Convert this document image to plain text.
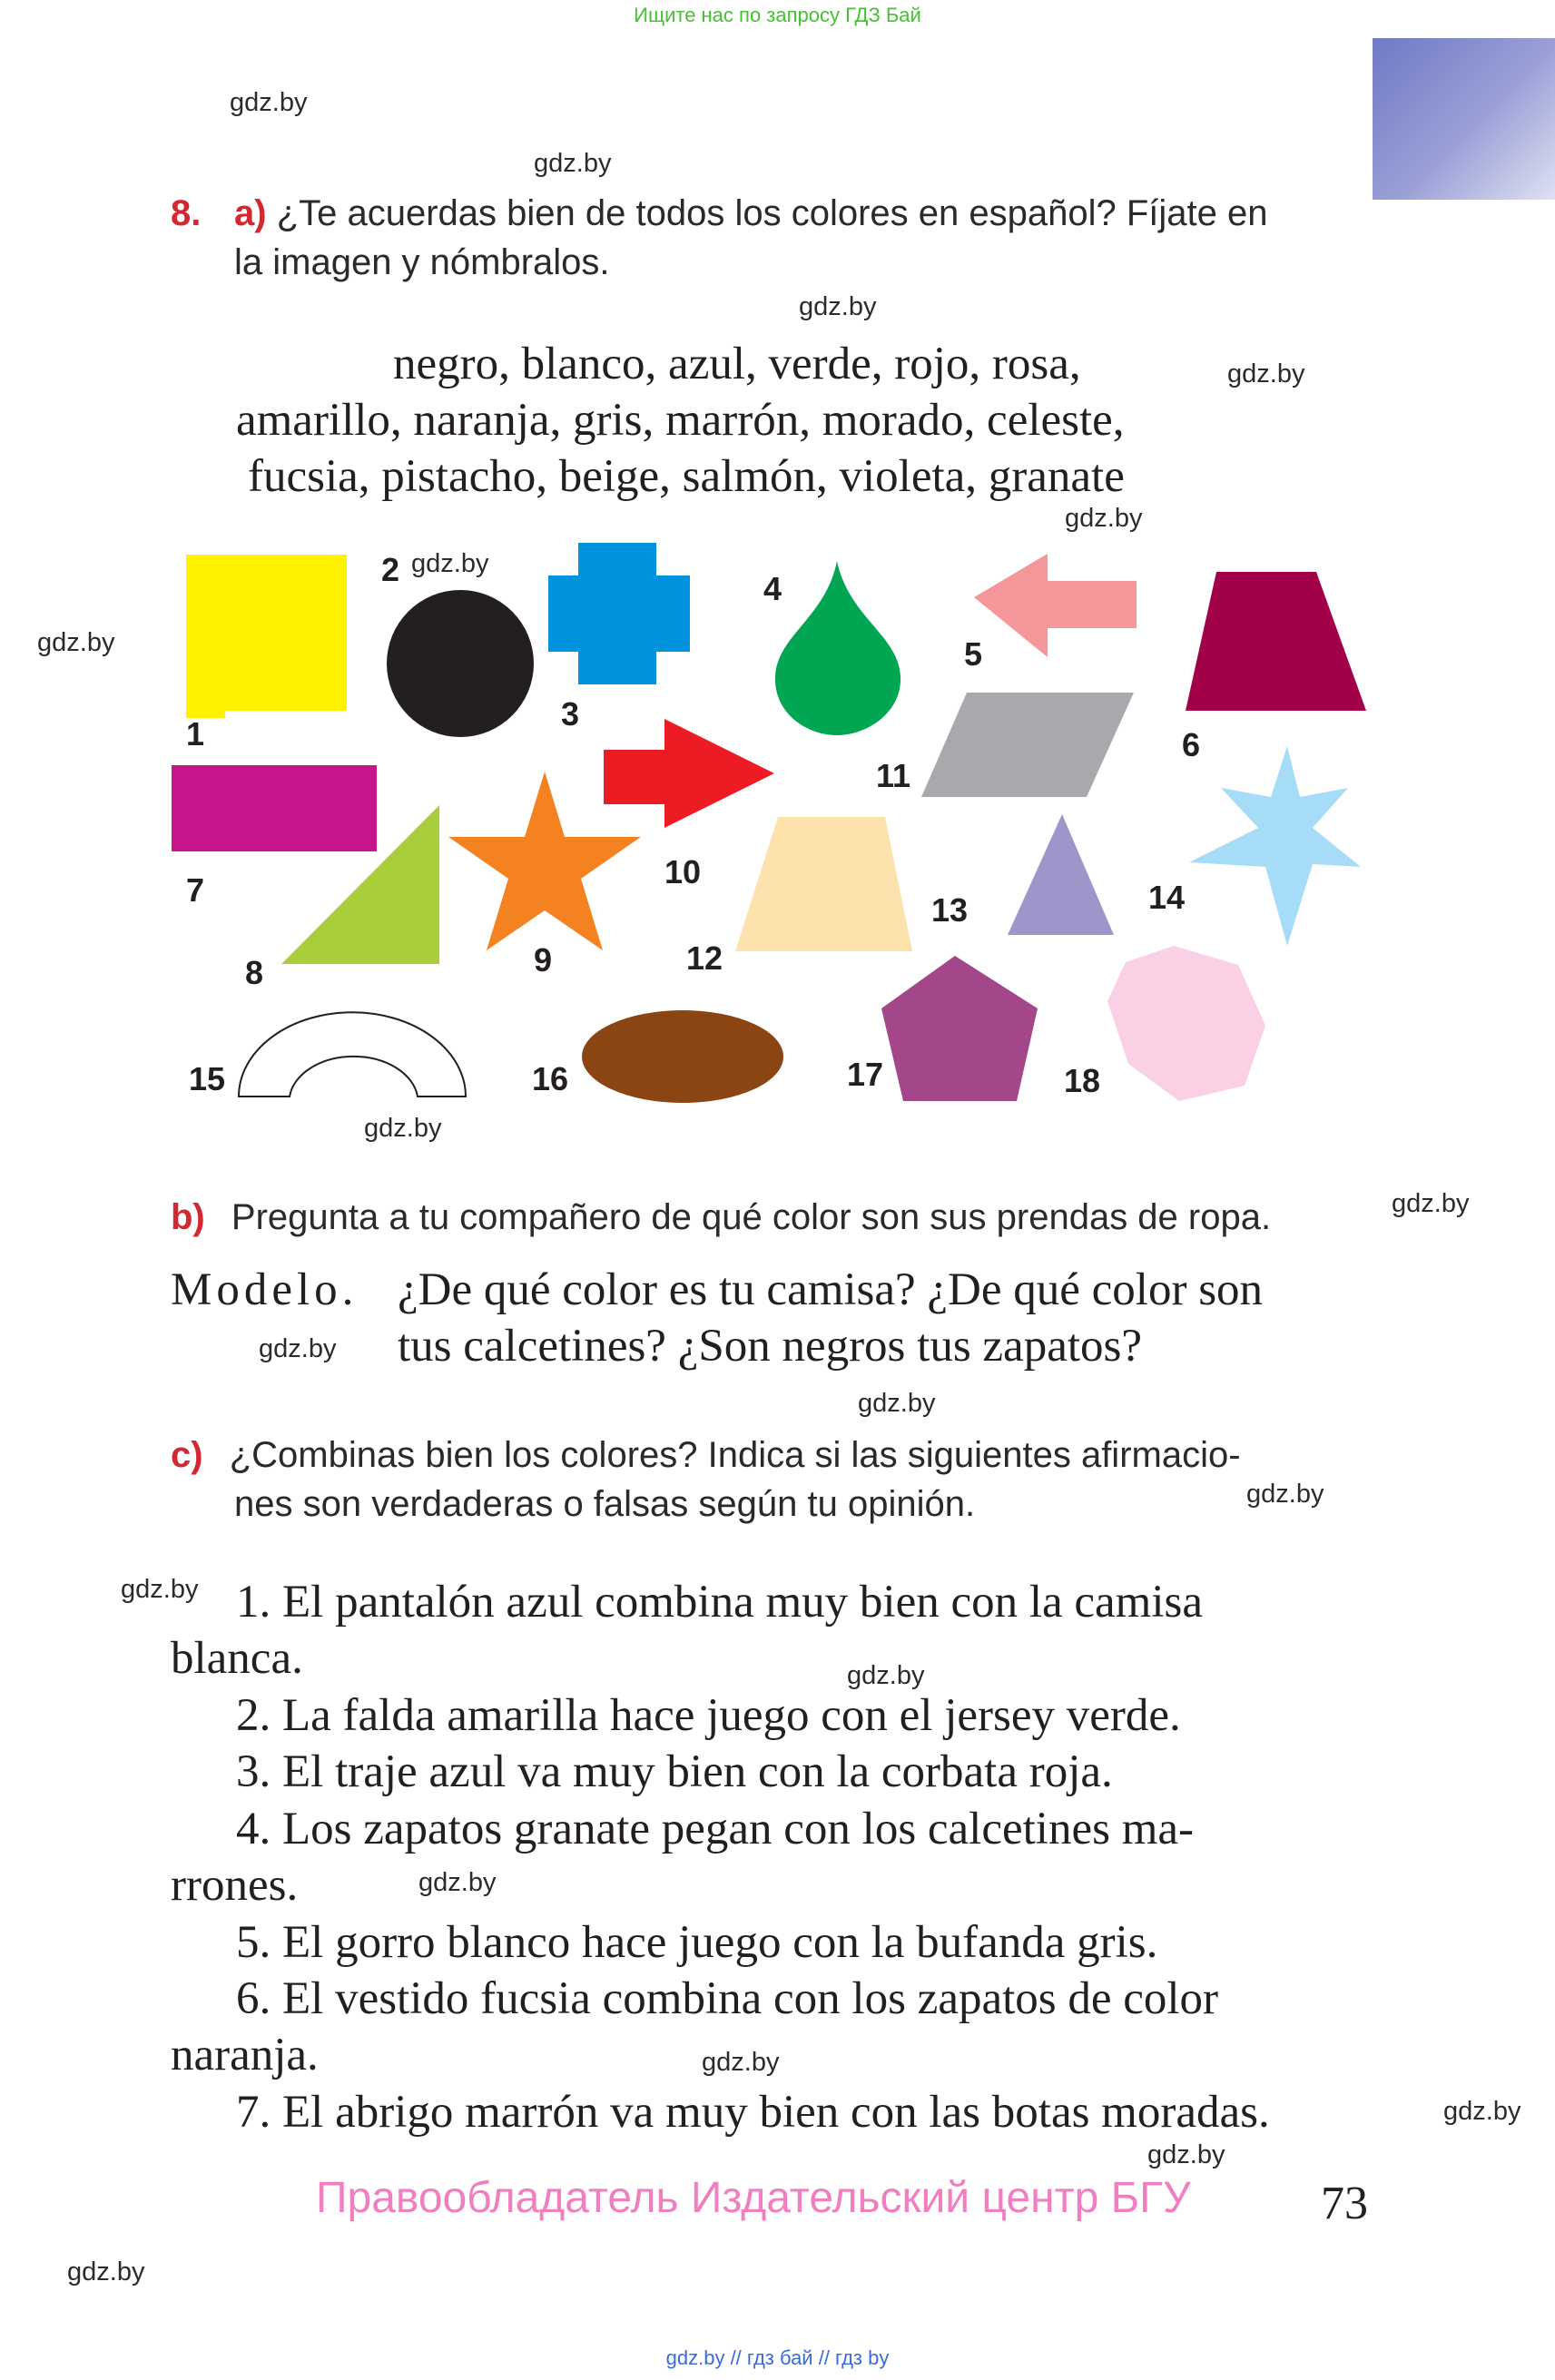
Ищите нас по запросу ГДЗ Бай
gdz.by
gdz.by
gdz.by
gdz.by
gdz.by
gdz.by
gdz.by
gdz.by
gdz.by
gdz.by
gdz.by
gdz.by
gdz.by
gdz.by
gdz.by
gdz.by
gdz.by
gdz.by
gdz.by
8. a) ¿Te acuerdas bien de todos los colores en español? Fíjate en
la imagen y nómbralos.
negro, blanco, azul, verde, rojo, rosa,
amarillo, naranja, gris, marrón, morado, celeste,
fucsia, pistacho, beige, salmón, violeta, granate
1
2
3
4
5
6
7
8	9
10
11
12
13	14
15	16	17	18
b) Pregunta a tu compañero de qué color son sus prendas de ropa.
Modelo. ¿De qué color es tu camisa? ¿De qué color son
tus calcetines? ¿Son negros tus zapatos?
c) ¿Combinas bien los colores? Indica si las siguientes afirmacio-
nes son verdaderas o falsas según tu opinión.
1. El pantalón azul combina muy bien con la camisa
blanca.
2. La falda amarilla hace juego con el jersey verde.
3. El traje azul va muy bien con la corbata roja.
4. Los zapatos granate pegan con los calcetines ma-
rrones.
5. El gorro blanco hace juego con la bufanda gris.
6. El vestido fucsia combina con los zapatos de color
naranja.
7. El abrigo marrón va muy bien con las botas moradas.
Правообладатель Издательский центр БГУ	73
gdz.by // гдз бай // гдз by
